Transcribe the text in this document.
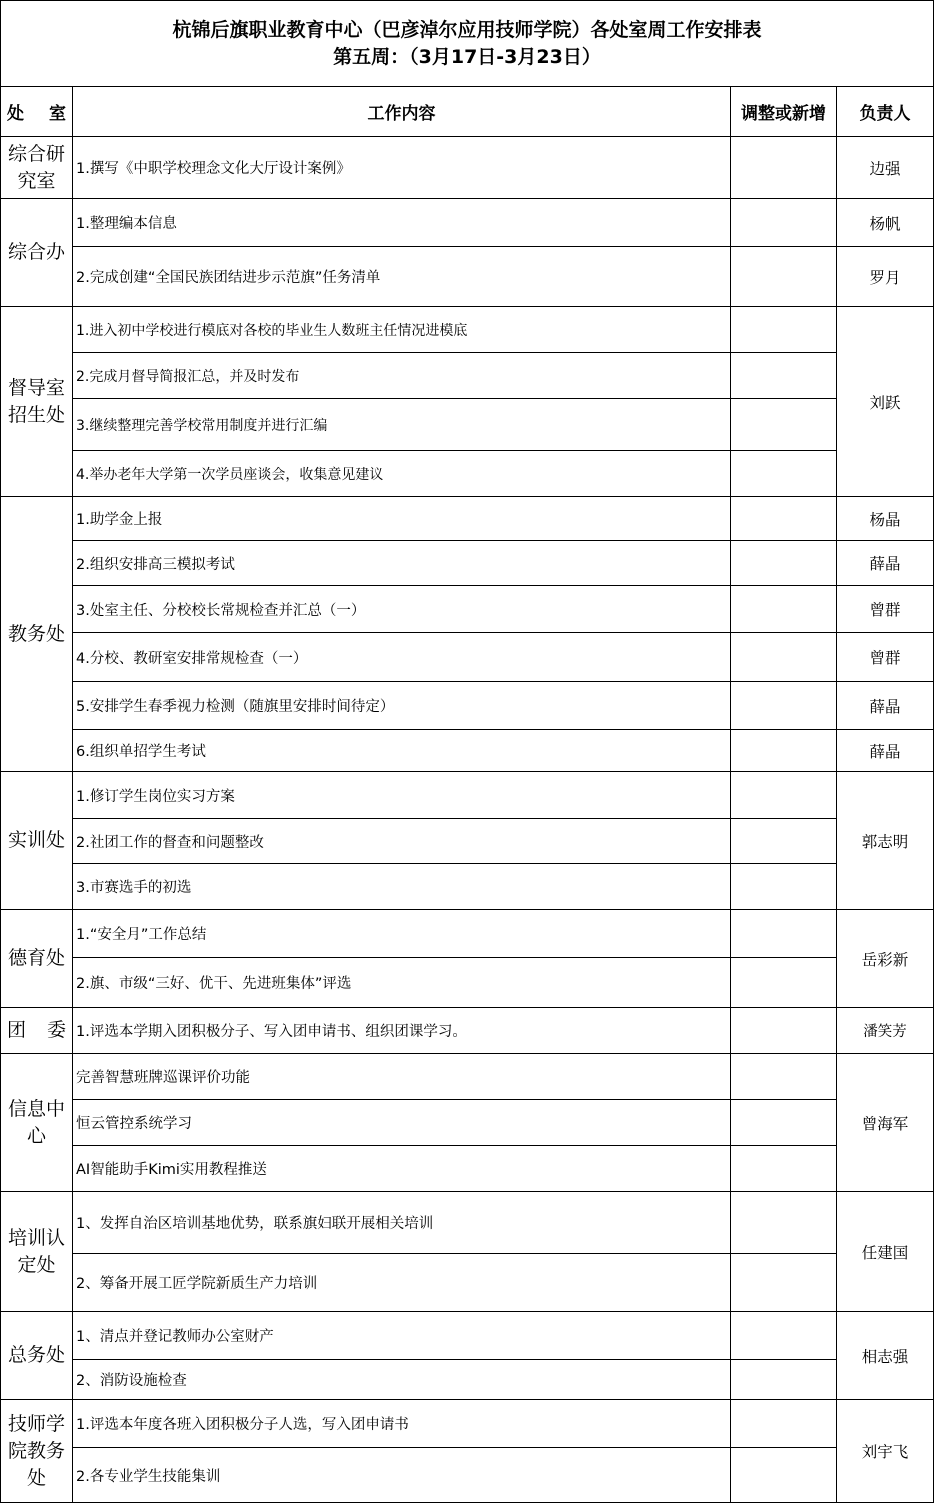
杭锦后旗职业教育中心（巴彦淖尔应用技师学院）各处室周工作安排表
第五周：（3月17日-3月23日）			

处 室	工作内容	调整或新增	负责人
综合研究室	1.撰写《中职学校理念文化大厅设计案例》		边强
综合办	1.整理编本信息		杨帆
	2.完成创建“全国民族团结进步示范旗”任务清单		罗月
督导室招生处	1.进入初中学校进行模底对各校的毕业生人数班主任情况进模底		刘跃
	2.完成月督导简报汇总，并及时发布		
	3.继续整理完善学校常用制度并进行汇编		
	4.举办老年大学第一次学员座谈会，收集意见建议		
教务处	1.助学金上报		杨晶
	2.组织安排高三模拟考试		薛晶
	3.处室主任、分校校长常规检查并汇总（一）		曾群
	4.分校、教研室安排常规检查（一）		曾群
	5.安排学生春季视力检测（随旗里安排时间待定）		薛晶
	6.组织单招学生考试		薛晶
实训处	1.修订学生岗位实习方案		郭志明
	2.社团工作的督查和问题整改		
	3.市赛选手的初选		
德育处	1.“安全月”工作总结		岳彩新
	2.旗、市级“三好、优干、先进班集体”评选		
团　委	1.评选本学期入团积极分子、写入团申请书、组织团课学习。		潘笑芳
信息中心	完善智慧班牌巡课评价功能		曾海军
	恒云管控系统学习		
	AI智能助手Kimi实用教程推送		
培训认定处	1、发挥自治区培训基地优势，联系旗妇联开展相关培训		任建国
	2、筹备开展工匠学院新质生产力培训		
总务处	1、清点并登记教师办公室财产		相志强
	2、消防设施检查		
技师学院教务处	1.评选本年度各班入团积极分子人选，写入团申请书		刘宇飞
	2.各专业学生技能集训		
